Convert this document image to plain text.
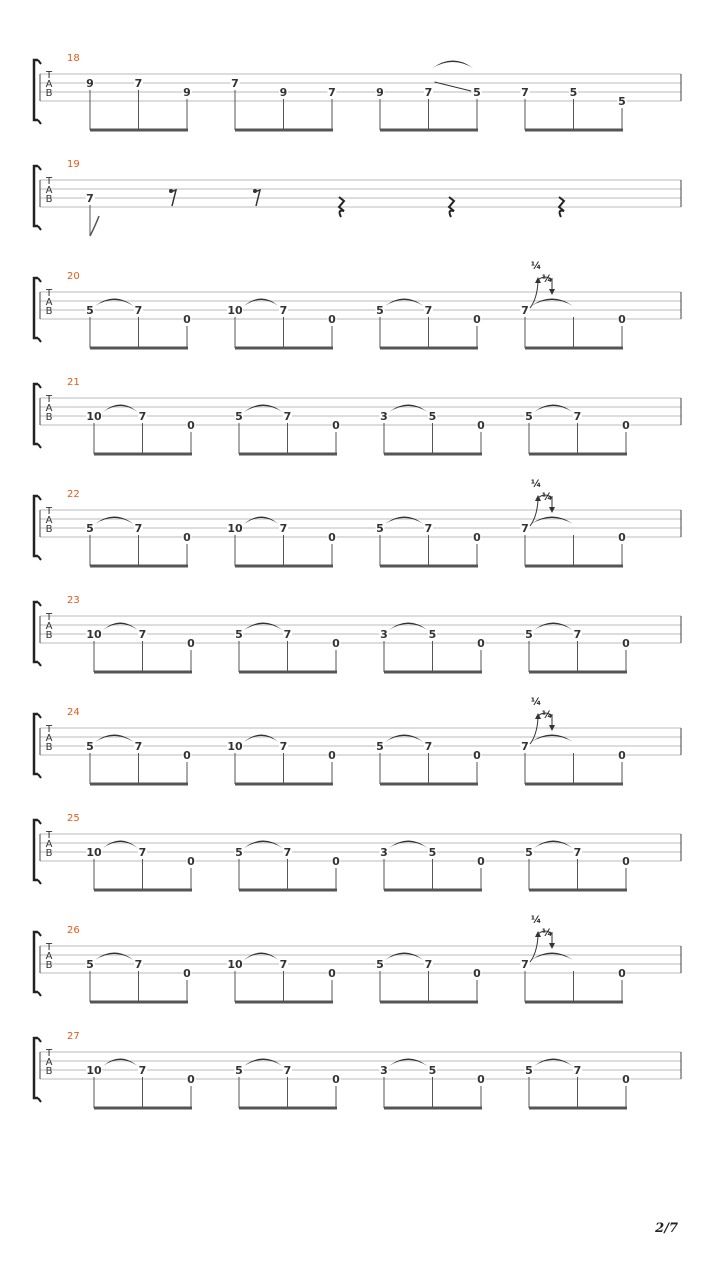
T
A
B
18
9	7
9
7
9	7	9	7	5	7	5
5
T
A
B
19
7
T
A
B
20
5	7
0
10	7
0
5	7
0
7
0
¼
¼
T
A
B
21
10	7
0
5	7
0
3	5
0
5	7
0
T
A
B
22
5	7
0
10	7
0
5	7
0
7
0
¼
¼
T
A
B
23
10	7
0
5	7
0
3	5
0
5	7
0
T
A
B
24
5	7
0
10	7
0
5	7
0
7
0
¼
¼
T
A
B
25
10	7
0
5	7
0
3	5
0
5	7
0
T
A
B
26
5	7
0
10	7
0
5	7
0
7
0
¼
¼
T
A
B
27
10	7
0
5	7
0
3	5
0
5	7
0
2/7
